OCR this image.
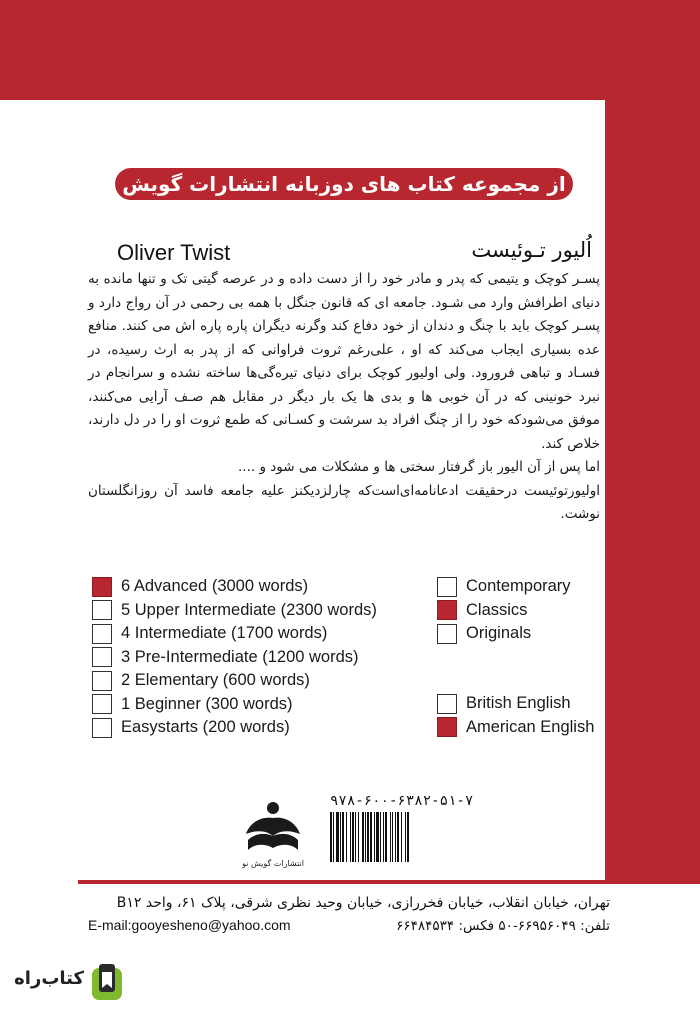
از مجموعه کتاب های دوزبانه انتشارات گویش نو
Oliver Twist	اُلیور تـوئیست

پسـر کوچک و یتیمی که پدر و مادر خود را از دست داده و در عرصه گیتی تک و تنها مانده به دنیای اطرافش وارد می شـود. جامعه ای که قانون جنگل با همه بی رحمی در آن رواج دارد و پسـر کوچک باید با چنگ و دندان از خود دفاع کند وگرنه دیگران پاره پاره اش می کنند. منافع عده بسیاری ایجاب می‌کند که او ، علی‌رغم ثروت فراوانی که از پدر به ارث رسیده، در فسـاد و تباهی فرورود. ولی اولیور کوچک برای دنیای تیره‌گی‌ها ساخته نشده و سرانجام در نبرد خونینی که در آن خوبی ها و بدی ها یک بار دیگر در مقابل هم صـف آرایی می‌کنند، موفق می‌شودکه خود را از چنگ افراد بد سرشت و کسـانی که طمع ثروت او را در دل دارند، خلاص کند.

اما پس از آن الیور باز گرفتار سختی ها و مشکلات می شود و ....

اولیورتوئیست درحقیقت ادعانامه‌ای‌است‌که چارلزدیکنز علیه جامعه فاسد آن روزانگلستان نوشت.

6 Advanced (3000 words)
5 Upper Intermediate (2300 words)
4 Intermediate (1700 words)
3 Pre-Intermediate (1200 words)
2 Elementary (600 words)
1 Beginner (300 words)
Easystarts (200 words)
Contemporary
Classics
Originals
British English
American English
انتشارات گویش نو
۹۷۸-۶۰۰-۶۳۸۲-۵۱-۷
تهران، خیابان انقلاب، خیابان فخررازی، خیابان وحید نظری شرقی، پلاک ۶۱، واحد B۱۲
تلفن: ۶۶۹۵۶۰۴۹-۵۰ فکس: ۶۶۴۸۴۵۳۴
E-mail:gooyesheno@yahoo.com
کتاب‌راه
